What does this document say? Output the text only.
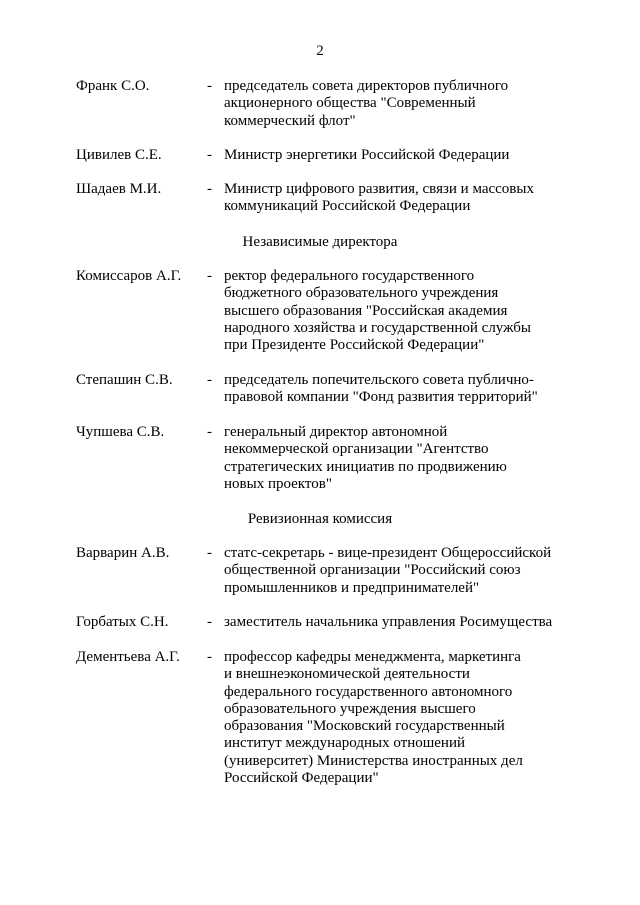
2
Франк С.О.	- председатель совета директоров публичного
акционерного общества "Современный
коммерческий флот"
Цивилев С.Е.	- Министр энергетики Российской Федерации
Шадаев М.И.	- Министр цифрового развития, связи и массовых
коммуникаций Российской Федерации
Независимые директора
Комиссаров А.Г. - ректор федерального государственного
бюджетного образовательного учреждения
высшего образования "Российская академия
народного хозяйства и государственной службы
при Президенте Российской Федерации"
Степашин С.В. - председатель попечительского совета публично-
правовой компании "Фонд развития территорий"
Чупшева С.В.	- генеральный директор автономной
некоммерческой организации "Агентство
стратегических инициатив по продвижению
новых проектов"
Ревизионная комиссия
Варварин А.В.	- статс-секретарь - вице-президент Общероссийской
общественной организации "Российский союз
промышленников и предпринимателей"
Горбатых С.Н.	- заместитель начальника управления Росимущества
Дементьева А.Г. - профессор кафедры менеджмента, маркетинга
и внешнеэкономической деятельности
федерального государственного автономного
образовательного учреждения высшего
образования "Московский государственный
институт международных отношений
(университет) Министерства иностранных дел
Российской Федерации"
